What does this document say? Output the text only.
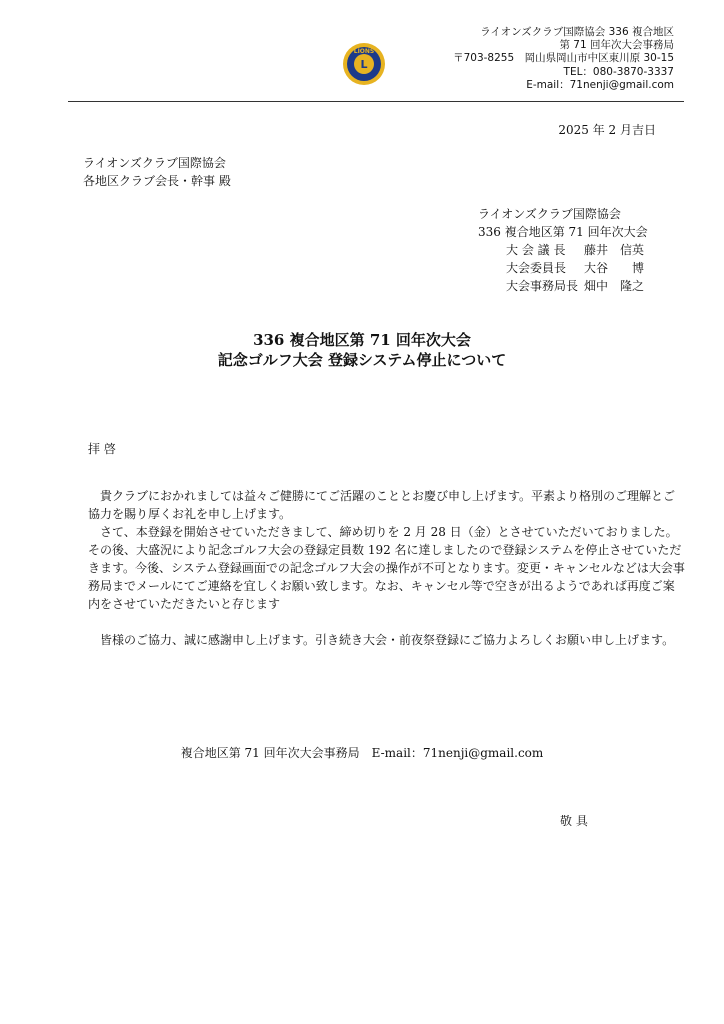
L
LIONS
ライオンズクラブ国際協会 336 複合地区
第 71 回年次大会事務局
〒703-8255　岡山県岡山市中区東川原 30-15
TEL：080-3870-3337
E-mail：71nenji@gmail.com
2025 年 2 月吉日
ライオンズクラブ国際協会
各地区クラブ会長・幹事 殿
ライオンズクラブ国際協会
336 複合地区第 71 回年次大会
大 会 議 長	藤井　信英
大会委員長	大谷　　博
大会事務局長 畑中　隆之
336 複合地区第 71 回年次大会
記念ゴルフ大会 登録システム停止について
拝 啓

貴クラブにおかれましては益々ご健勝にてご活躍のこととお慶び申し上げます。平素より格別のご理解とご協力を賜り厚くお礼を申し上げます。

さて、本登録を開始させていただきまして、締め切りを 2 月 28 日（金）とさせていただいておりました。その後、大盛況により記念ゴルフ大会の登録定員数 192 名に達しましたので登録システムを停止させていただきます。今後、システム登録画面での記念ゴルフ大会の操作が不可となります。変更・キャンセルなどは大会事務局までメールにてご連絡を宜しくお願い致します。なお、キャンセル等で空きが出るようであれば再度ご案内をさせていただきたいと存じます

皆様のご協力、誠に感謝申し上げます。引き続き大会・前夜祭登録にご協力よろしくお願い申し上げます。

複合地区第 71 回年次大会事務局　E-mail：71nenji@gmail.com
敬 具
